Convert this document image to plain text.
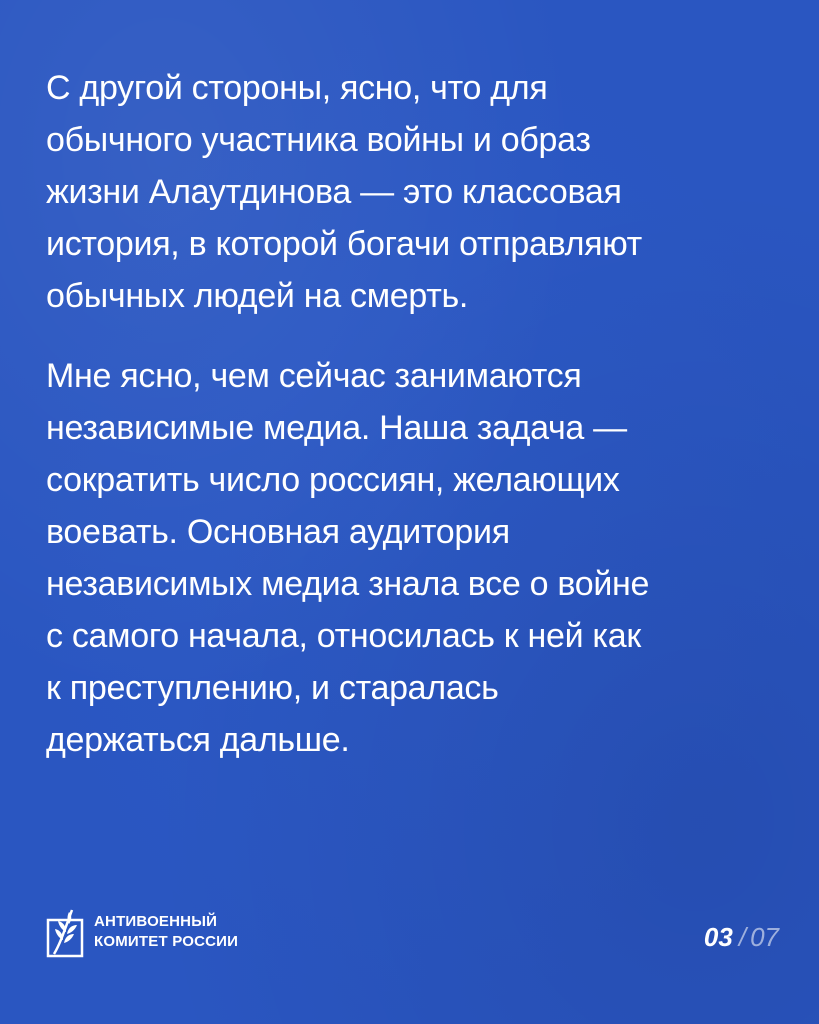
С другой стороны, ясно, что для
обычного участника войны и образ
жизни Алаутдинова — это классовая
история, в которой богачи отправляют
обычных людей на смерть.

Мне ясно, чем сейчас занимаются
независимые медиа. Наша задача —
сократить число россиян, желающих
воевать. Основная аудитория
независимых медиа знала все о войне
с самого начала, относилась к ней как
к преступлению, и старалась
держаться дальше.

АНТИВОЕННЫЙ
КОМИТЕТ РОССИИ	03 / 07
